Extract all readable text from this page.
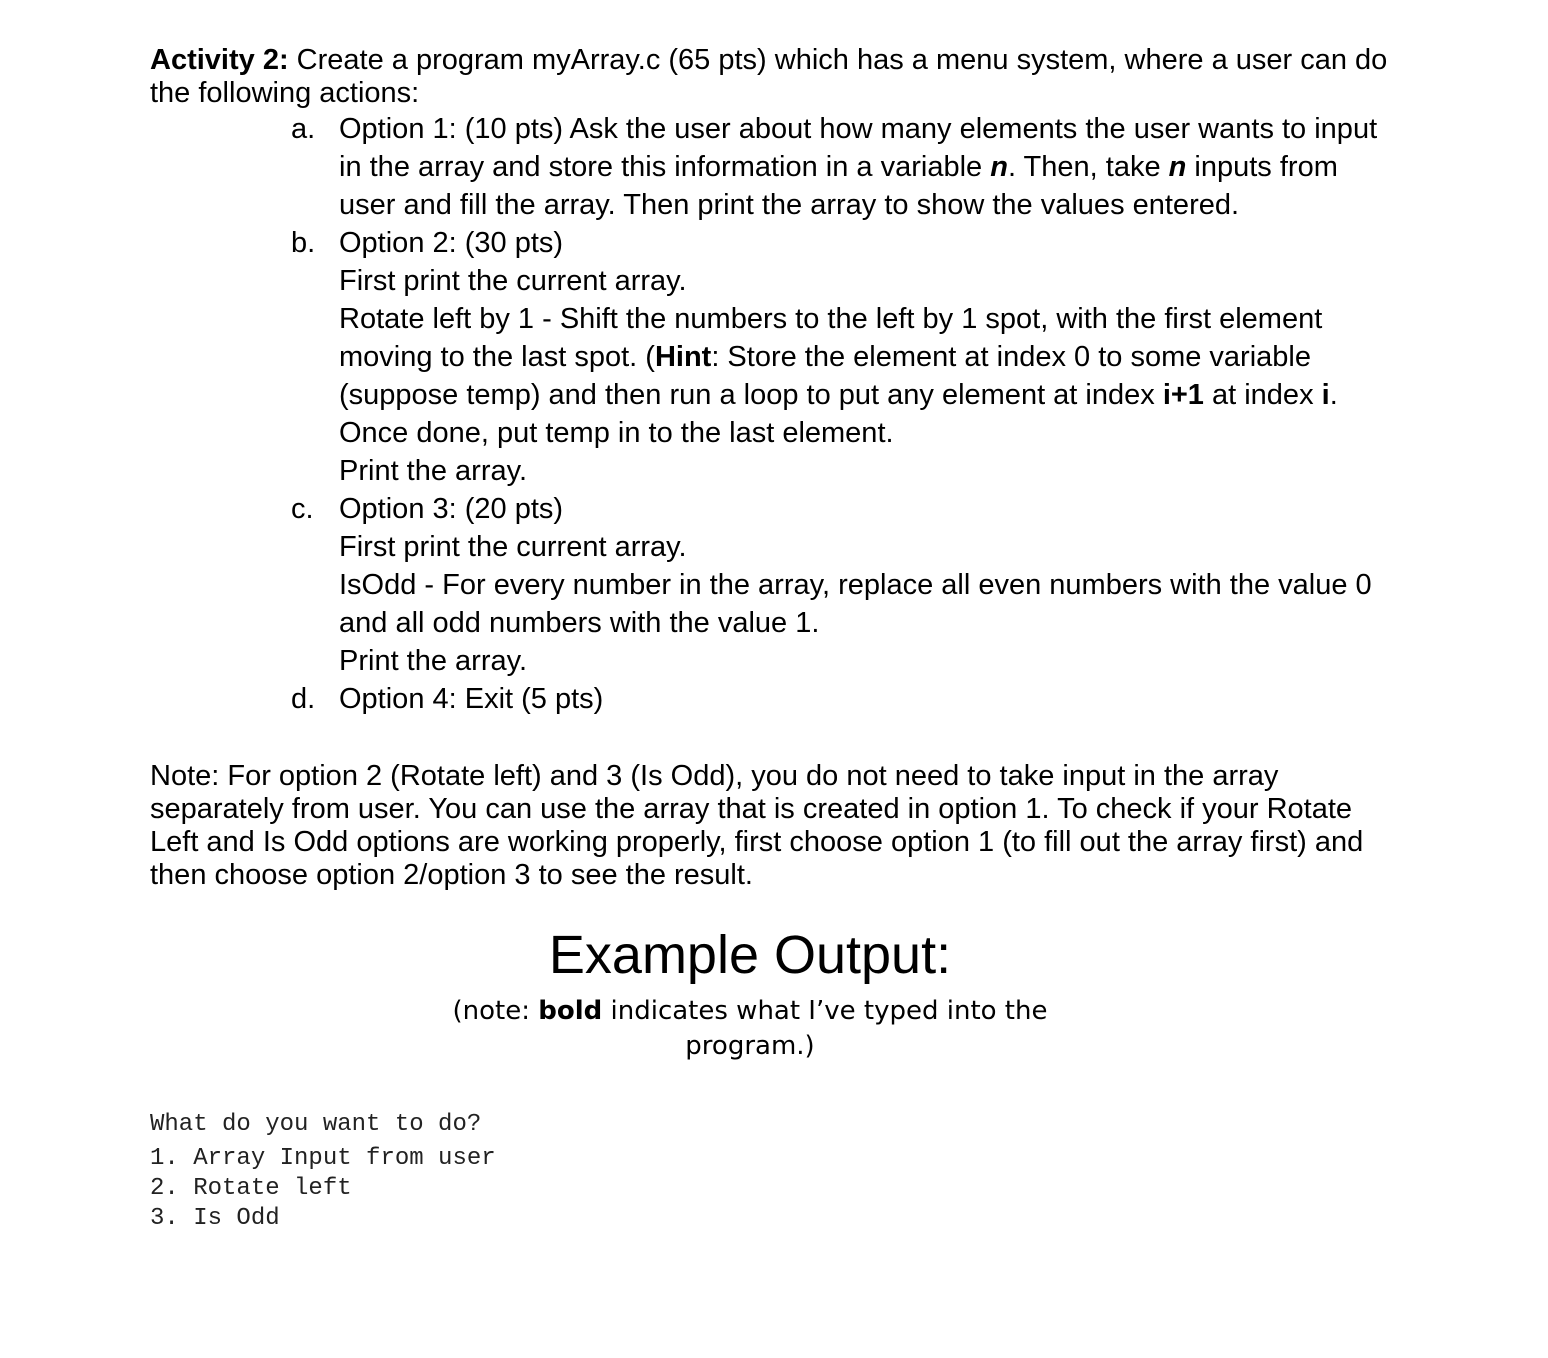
Activity 2: Create a program myArray.c (65 pts) which has a menu system, where a user can do the following actions:

a. Option 1: (10 pts) Ask the user about how many elements the user wants to input in the array and store this information in a variable n. Then, take n inputs from user and fill the array. Then print the array to show the values entered.
b. Option 2: (30 pts)
First print the current array.
Rotate left by 1 - Shift the numbers to the left by 1 spot, with the first element moving to the last spot. (Hint: Store the element at index 0 to some variable (suppose temp) and then run a loop to put any element at index i+1 at index i. Once done, put temp in to the last element.
Print the array.
c. Option 3: (20 pts)
First print the current array.
IsOdd - For every number in the array, replace all even numbers with the value 0 and all odd numbers with the value 1.
Print the array.
d. Option 4: Exit (5 pts)

Note: For option 2 (Rotate left) and 3 (Is Odd), you do not need to take input in the array separately from user. You can use the array that is created in option 1. To check if your Rotate Left and Is Odd options are working properly, first choose option 1 (to fill out the array first) and then choose option 2/option 3 to see the result.

Example Output:

(note: bold indicates what I’ve typed into the program.)

What do you want to do?
1. Array Input from user
2. Rotate left
3. Is Odd
